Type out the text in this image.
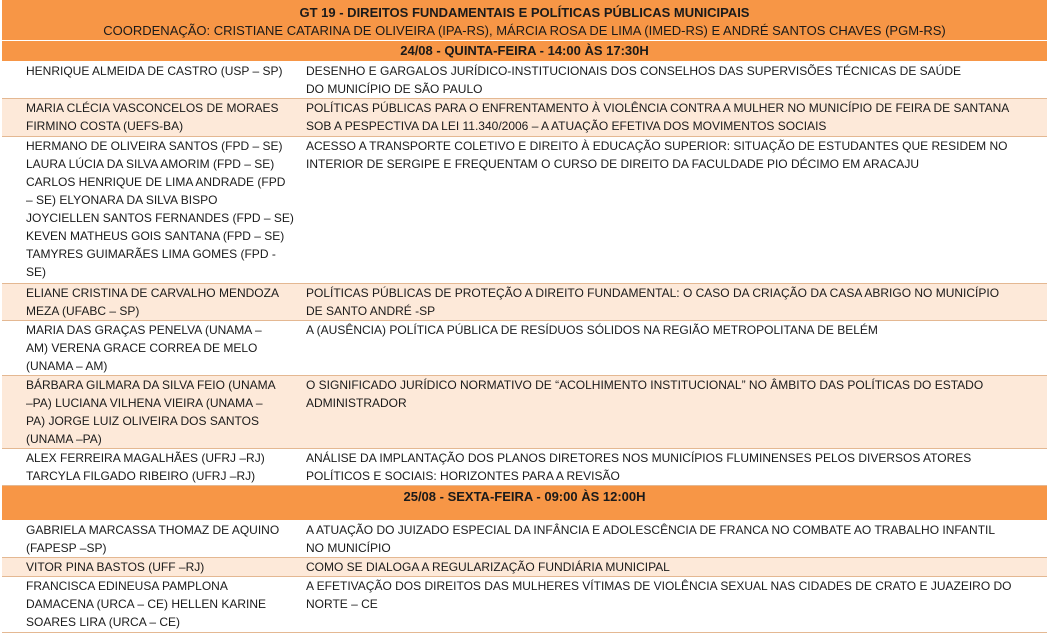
GT 19 - DIREITOS FUNDAMENTAIS E POLÍTICAS PÚBLICAS MUNICIPAIS
COORDENAÇÃO: CRISTIANE CATARINA DE OLIVEIRA (IPA-RS), MÁRCIA ROSA DE LIMA (IMED-RS) E ANDRÉ SANTOS CHAVES (PGM-RS)
24/08 - QUINTA-FEIRA - 14:00 ÀS 17:30H
HENRIQUE ALMEIDA DE CASTRO (USP – SP)	DESENHO E GARGALOS JURÍDICO-INSTITUCIONAIS DOS CONSELHOS DAS SUPERVISÕES TÉCNICAS DE SAÚDE
DO MUNICÍPIO DE SÃO PAULO
MARIA CLÉCIA VASCONCELOS DE MORAES
FIRMINO COSTA (UEFS-BA)
POLÍTICAS PÚBLICAS PARA O ENFRENTAMENTO À VIOLÊNCIA CONTRA A MULHER NO MUNICÍPIO DE FEIRA DE SANTANA
SOB A PESPECTIVA DA LEI 11.340/2006 – A ATUAÇÃO EFETIVA DOS MOVIMENTOS SOCIAIS
HERMANO DE OLIVEIRA SANTOS (FPD – SE)
LAURA LÚCIA DA SILVA AMORIM (FPD – SE)
CARLOS HENRIQUE DE LIMA ANDRADE (FPD
– SE) ELYONARA DA SILVA BISPO
JOYCIELLEN SANTOS FERNANDES (FPD – SE)
KEVEN MATHEUS GOIS SANTANA (FPD – SE)
TAMYRES GUIMARÃES LIMA GOMES (FPD -
SE)
ACESSO A TRANSPORTE COLETIVO E DIREITO À EDUCAÇÃO SUPERIOR: SITUAÇÃO DE ESTUDANTES QUE RESIDEM NO
INTERIOR DE SERGIPE E FREQUENTAM O CURSO DE DIREITO DA FACULDADE PIO DÉCIMO EM ARACAJU
ELIANE CRISTINA DE CARVALHO MENDOZA
MEZA (UFABC – SP)
POLÍTICAS PÚBLICAS DE PROTEÇÃO A DIREITO FUNDAMENTAL: O CASO DA CRIAÇÃO DA CASA ABRIGO NO MUNICÍPIO
DE SANTO ANDRÉ -SP
MARIA DAS GRAÇAS PENELVA (UNAMA –
AM) VERENA GRACE CORREA DE MELO
(UNAMA – AM)
A (AUSÊNCIA) POLÍTICA PÚBLICA DE RESÍDUOS SÓLIDOS NA REGIÃO METROPOLITANA DE BELÉM
BÁRBARA GILMARA DA SILVA FEIO (UNAMA
–PA) LUCIANA VILHENA VIEIRA (UNAMA –
PA) JORGE LUIZ OLIVEIRA DOS SANTOS
(UNAMA –PA)
O SIGNIFICADO JURÍDICO NORMATIVO DE “ACOLHIMENTO INSTITUCIONAL” NO ÂMBITO DAS POLÍTICAS DO ESTADO
ADMINISTRADOR
ALEX FERREIRA MAGALHÃES (UFRJ –RJ)
TARCYLA FILGADO RIBEIRO (UFRJ –RJ)
ANÁLISE DA IMPLANTAÇÃO DOS PLANOS DIRETORES NOS MUNICÍPIOS FLUMINENSES PELOS DIVERSOS ATORES
POLÍTICOS E SOCIAIS: HORIZONTES PARA A REVISÃO
25/08 - SEXTA-FEIRA - 09:00 ÀS 12:00H
GABRIELA MARCASSA THOMAZ DE AQUINO
(FAPESP –SP)
A ATUAÇÃO DO JUIZADO ESPECIAL DA INFÂNCIA E ADOLESCÊNCIA DE FRANCA NO COMBATE AO TRABALHO INFANTIL
NO MUNICÍPIO
VITOR PINA BASTOS (UFF –RJ)	COMO SE DIALOGA A REGULARIZAÇÃO FUNDIÁRIA MUNICIPAL
FRANCISCA EDINEUSA PAMPLONA
DAMACENA (URCA – CE) HELLEN KARINE
SOARES LIRA (URCA – CE)
A EFETIVAÇÃO DOS DIREITOS DAS MULHERES VÍTIMAS DE VIOLÊNCIA SEXUAL NAS CIDADES DE CRATO E JUAZEIRO DO
NORTE – CE
